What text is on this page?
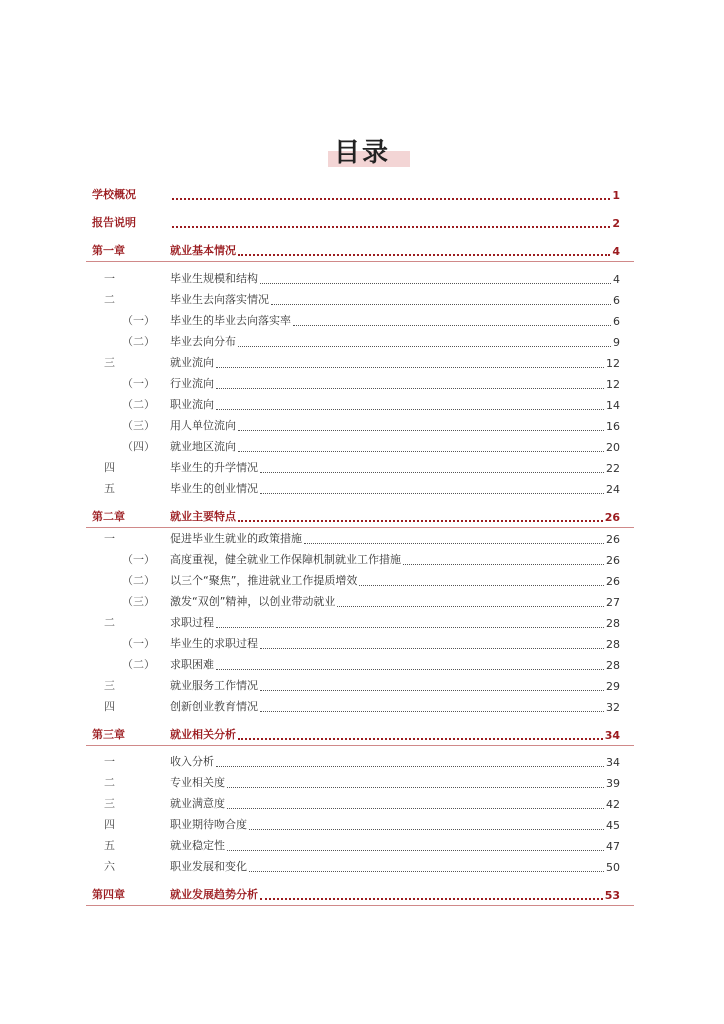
目录
学校概况	1
报告说明	2
第一章	就业基本情况	4
一	毕业生规模和结构	4
二	毕业生去向落实情况	6
（一）	毕业生的毕业去向落实率	6
（二）	毕业去向分布	9
三	就业流向	12
（一）	行业流向	12
（二）	职业流向	14
（三）	用人单位流向	16
（四）	就业地区流向	20
四	毕业生的升学情况	22
五	毕业生的创业情况	24
第二章	就业主要特点	26
一	促进毕业生就业的政策措施	26
（一）	高度重视，健全就业工作保障机制就业工作措施	26
（二）	以三个“聚焦”，推进就业工作提质增效	26
（三）	激发“双创”精神，以创业带动就业	27
二	求职过程	28
（一）	毕业生的求职过程	28
（二）	求职困难	28
三	就业服务工作情况	29
四	创新创业教育情况	32
第三章	就业相关分析	34
一	收入分析	34
二	专业相关度	39
三	就业满意度	42
四	职业期待吻合度	45
五	就业稳定性	47
六	职业发展和变化	50
第四章	就业发展趋势分析	53
